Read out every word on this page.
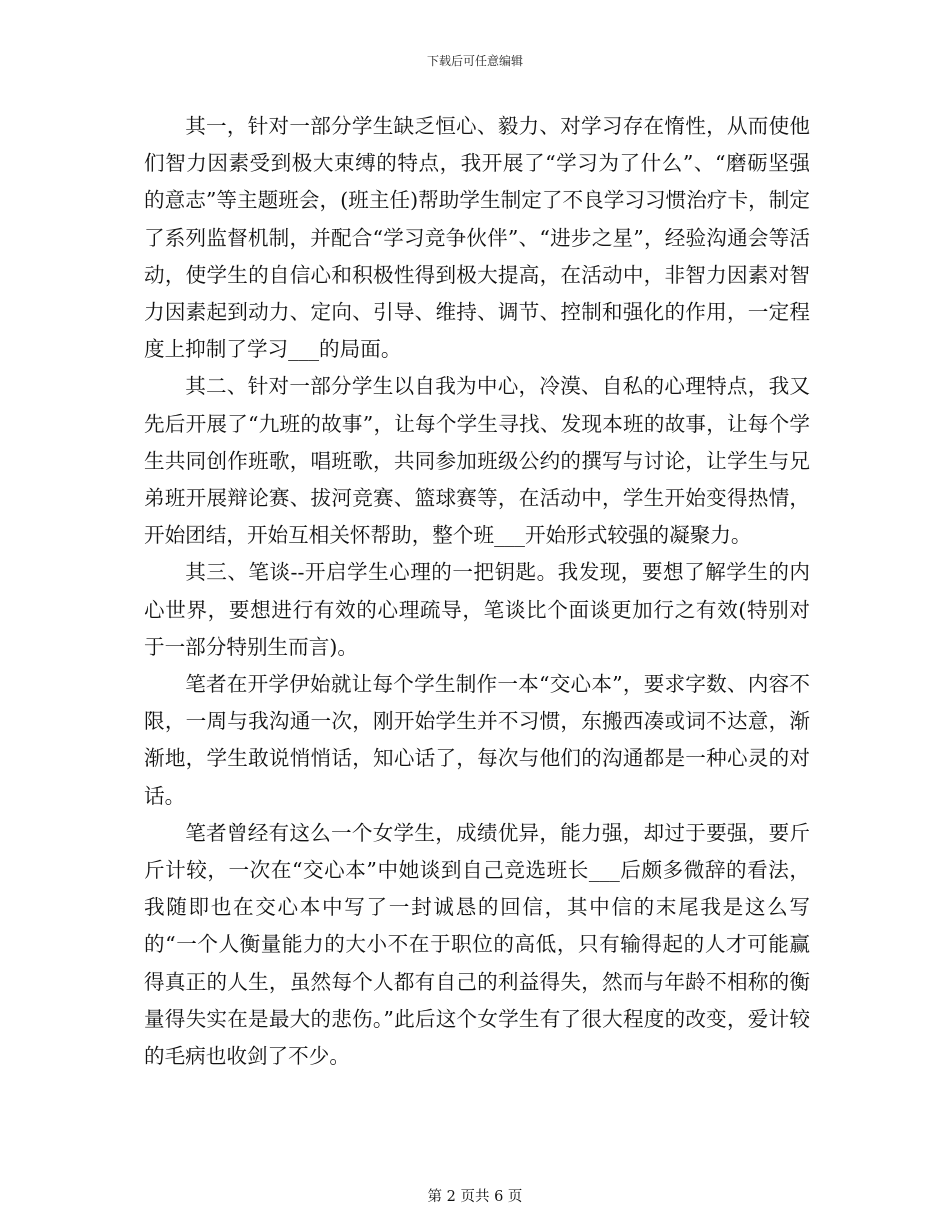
下载后可任意编辑

其一，针对一部分学生缺乏恒心、毅力、对学习存在惰性，从而使他们智力因素受到极大束缚的特点，我开展了“学习为了什么”、“磨砺坚强的意志”等主题班会，(班主任)帮助学生制定了不良学习习惯治疗卡，制定了系列监督机制，并配合“学习竞争伙伴”、“进步之星”，经验沟通会等活动，使学生的自信心和积极性得到极大提高，在活动中，非智力因素对智力因素起到动力、定向、引导、维持、调节、控制和强化的作用，一定程度上抑制了学习___的局面。

其二、针对一部分学生以自我为中心，冷漠、自私的心理特点，我又先后开展了“九班的故事”，让每个学生寻找、发现本班的故事，让每个学生共同创作班歌，唱班歌，共同参加班级公约的撰写与讨论，让学生与兄弟班开展辩论赛、拔河竞赛、篮球赛等，在活动中，学生开始变得热情，开始团结，开始互相关怀帮助，整个班___开始形式较强的凝聚力。

其三、笔谈--开启学生心理的一把钥匙。我发现，要想了解学生的内心世界，要想进行有效的心理疏导，笔谈比个面谈更加行之有效(特别对于一部分特别生而言)。

笔者在开学伊始就让每个学生制作一本“交心本”，要求字数、内容不限，一周与我沟通一次，刚开始学生并不习惯，东搬西凑或词不达意，渐渐地，学生敢说悄悄话，知心话了，每次与他们的沟通都是一种心灵的对话。

笔者曾经有这么一个女学生，成绩优异，能力强，却过于要强，要斤斤计较，一次在“交心本”中她谈到自己竞选班长___后颇多微辞的看法，我随即也在交心本中写了一封诚恳的回信，其中信的末尾我是这么写的“一个人衡量能力的大小不在于职位的高低，只有输得起的人才可能赢得真正的人生，虽然每个人都有自己的利益得失，然而与年龄不相称的衡量得失实在是最大的悲伤。”此后这个女学生有了很大程度的改变，爱计较的毛病也收剑了不少。

第 2 页共 6 页
